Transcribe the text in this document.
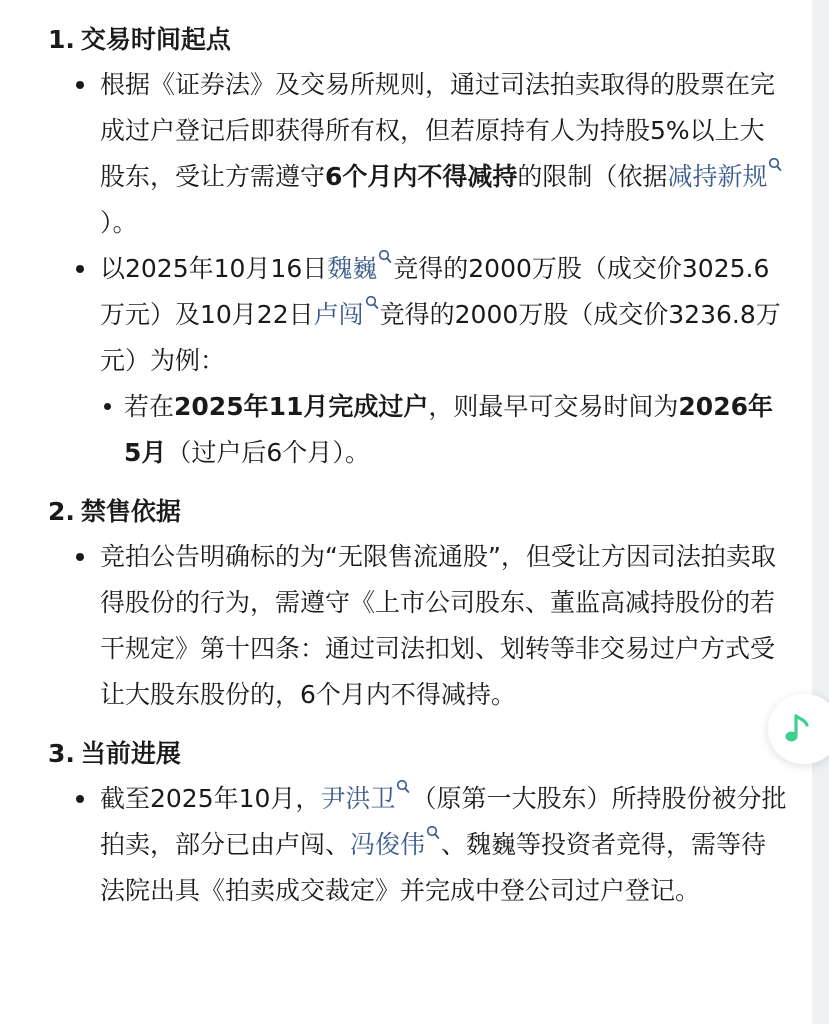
1. 交易时间起点
根据《证券法》及交易所规则，通过司法拍卖取得的股票在完成过户登记后即获得所有权，但若原持有人为持股5%以上大股东，受让方需遵守6个月内不得减持的限制（依据减持新规
）。
以2025年10月16日魏巍 竞得的2000万股（成交价3025.6万元）及10月22日卢闯 竞得的2000万股（成交价3236.8万元）为例：
若在2025年11月完成过户，则最早可交易时间为2026年5月（过户后6个月）。
2. 禁售依据
竞拍公告明确标的为“无限售流通股”，但受让方因司法拍卖取得股份的行为，需遵守《上市公司股东、董监高减持股份的若干规定》第十四条：通过司法扣划、划转等非交易过户方式受让大股东股份的，6个月内不得减持。
3. 当前进展
截至2025年10月，尹洪卫 （原第一大股东）所持股份被分批拍卖，部分已由卢闯、冯俊伟 、魏巍等投资者竞得，需等待法院出具《拍卖成交裁定》并完成中登公司过户登记。
